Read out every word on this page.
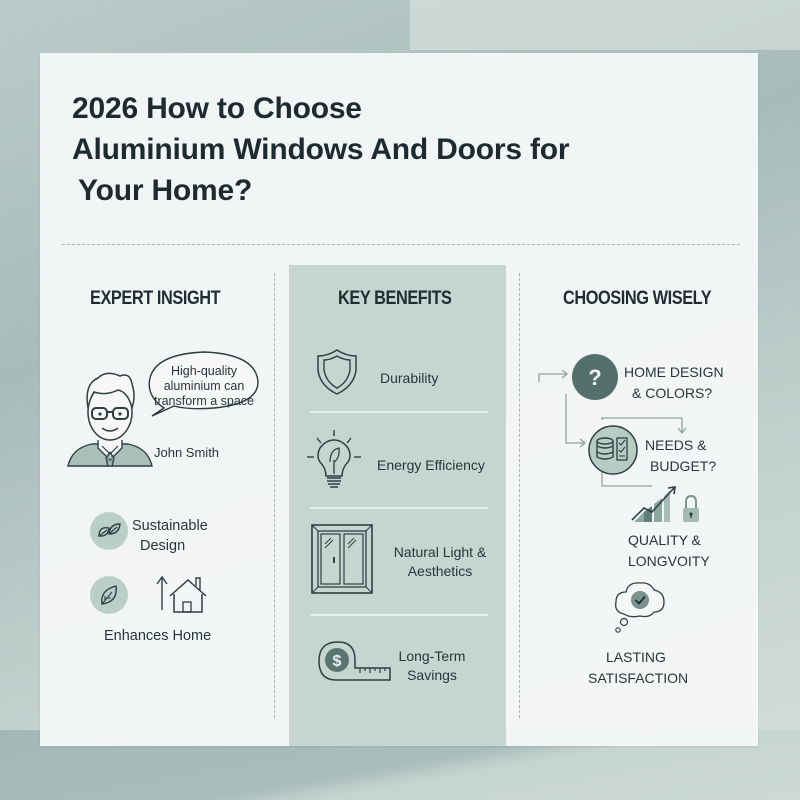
2026 How to Choose
Aluminium Windows And Doors for
Your Home?
EXPERT INSIGHT
High-quality
aluminium can
transform a space
John Smith
Sustainable
Design
Enhances Home
KEY BENEFITS
Durability
Energy Efficiency
Natural Light &
Aesthetics
$	Long-Term
Savings
CHOOSING WISELY
? HOME DESIGN
& COLORS?
NEEDS &
BUDGET?
QUALITY &
LONGVOITY
LASTING
SATISFACTION
